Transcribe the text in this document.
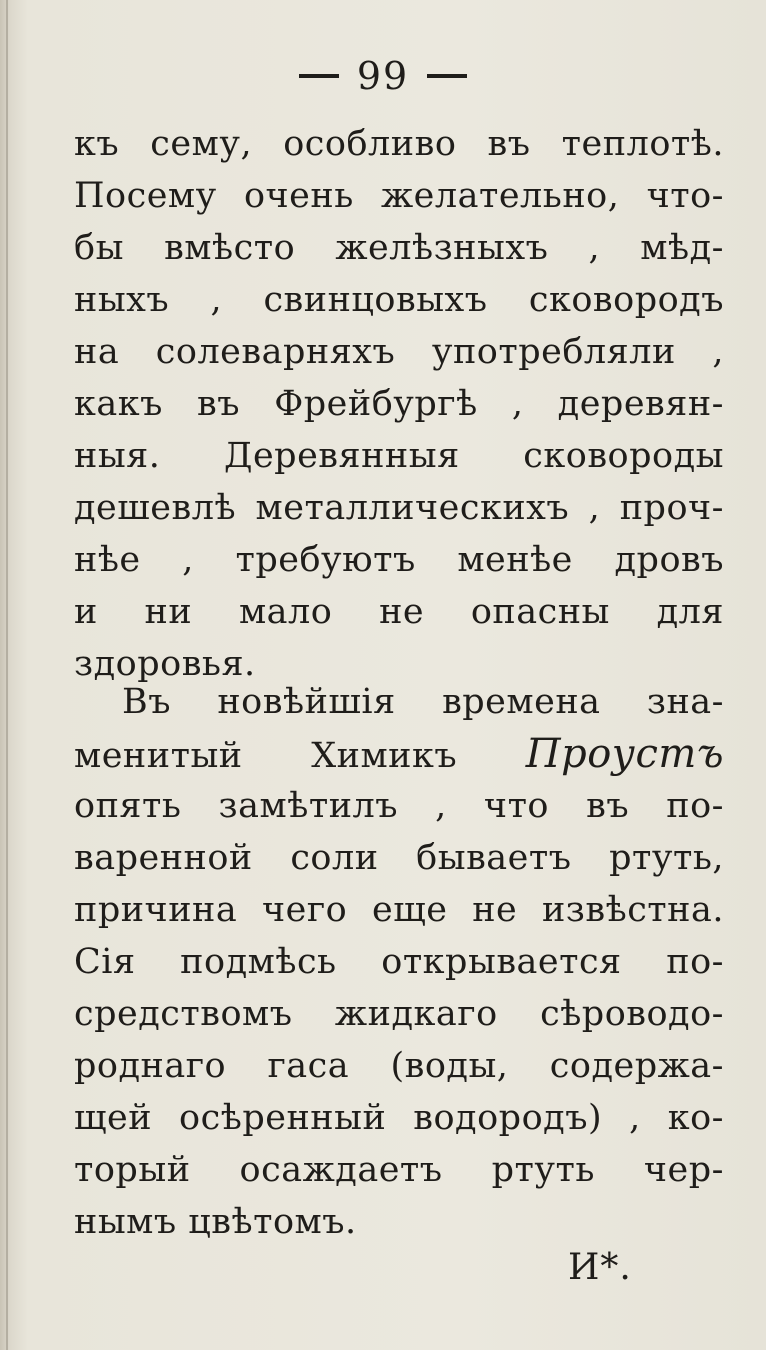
99
къ сему, особливо въ теплотѣ.
Посему очень желательно, что-
бы вмѣсто желѣзныхъ , мѣд-
ныхъ , свинцовыхъ сковородъ
на солеварняхъ употребляли ,
какъ въ Фрейбургѣ , деревян-
ныя. Деревянныя сковороды
дешевлѣ металлическихъ , проч-
нѣе , требуютъ менѣе дровъ
и ни мало не опасны для
здоровья.
Въ новѣйшія времена зна-
менитый Химикъ Проустъ
опять замѣтилъ , что въ по-
варенной соли бываетъ ртуть,
причина чего еще не извѣстна.
Сія подмѣсь открывается по-
средствомъ жидкаго сѣроводо-
роднаго гаса (воды, содержа-
щей осѣренный водородъ) , ко-
торый осаждаетъ ртуть чер-
нымъ цвѣтомъ.
И*.
